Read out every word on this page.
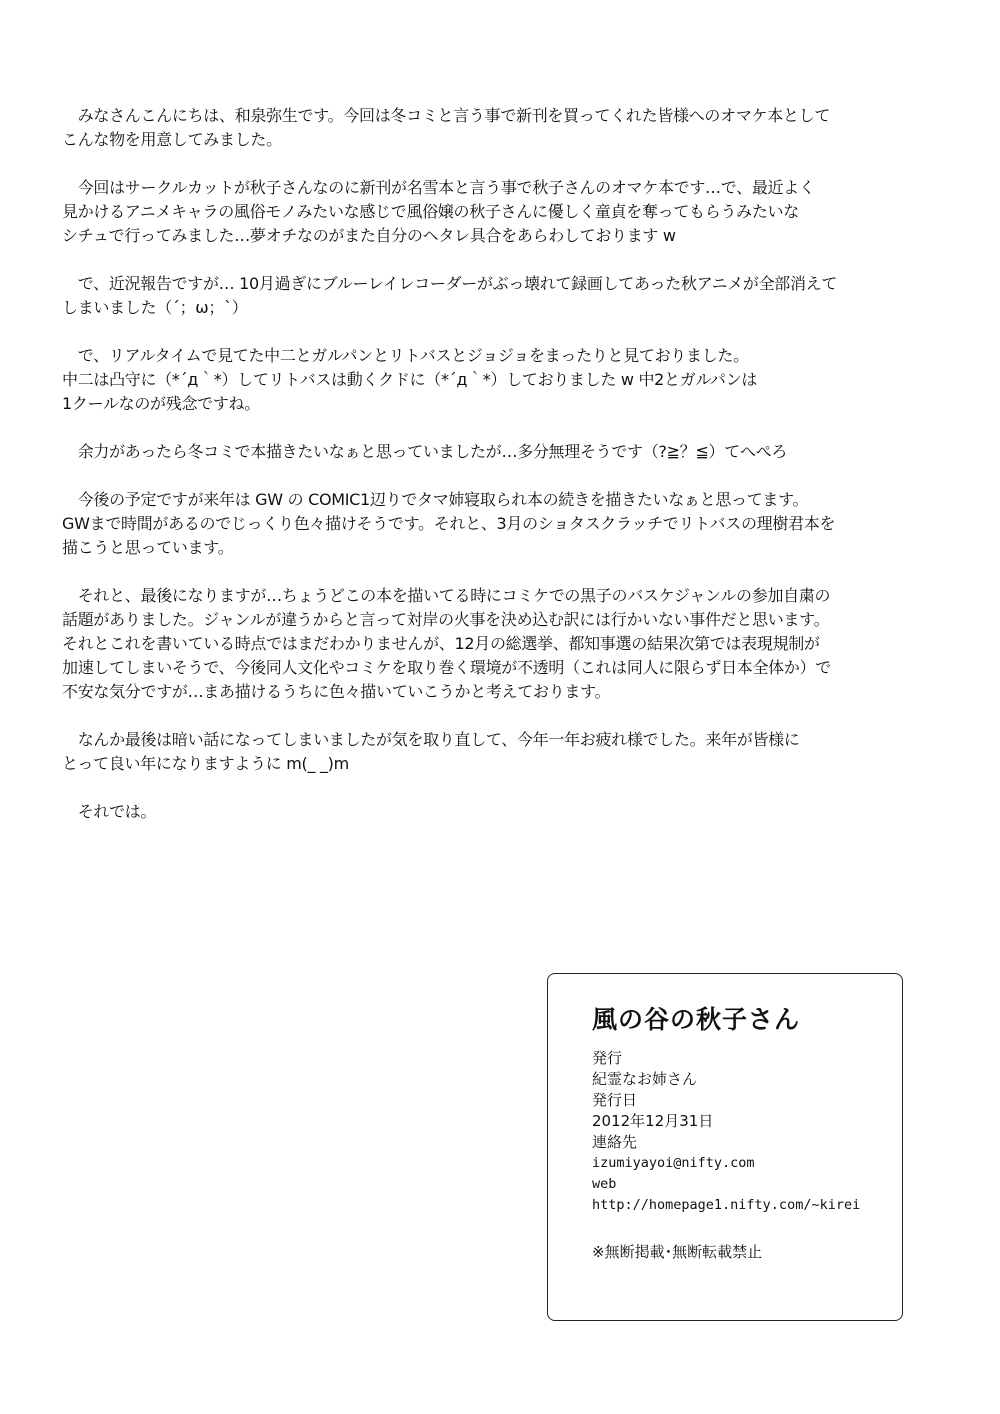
　みなさんこんにちは、和泉弥生です。今回は冬コミと言う事で新刊を買ってくれた皆様へのオマケ本として
こんな物を用意してみました。

　今回はサークルカットが秋子さんなのに新刊が名雪本と言う事で秋子さんのオマケ本です…で、最近よく
見かけるアニメキャラの風俗モノみたいな感じで風俗嬢の秋子さんに優しく童貞を奪ってもらうみたいな
シチュで行ってみました…夢オチなのがまた自分のヘタレ具合をあらわしております w

　で、近況報告ですが… 10月過ぎにブルーレイレコーダーがぶっ壊れて録画してあった秋アニメが全部消えて
しまいました（´；ω；`）

　で、リアルタイムで見てた中二とガルパンとリトバスとジョジョをまったりと見ておりました。
中二は凸守に（*´д｀*）してリトバスは動くクドに（*´д｀*）しておりました w 中2とガルパンは
1クールなのが残念ですね。

　余力があったら冬コミで本描きたいなぁと思っていましたが…多分無理そうです（?≧？≦）てへぺろ

　今後の予定ですが来年は GW の COMIC1辺りでタマ姉寝取られ本の続きを描きたいなぁと思ってます。
GWまで時間があるのでじっくり色々描けそうです。それと、3月のショタスクラッチでリトバスの理樹君本を
描こうと思っています。

　それと、最後になりますが…ちょうどこの本を描いてる時にコミケでの黒子のバスケジャンルの参加自粛の
話題がありました。ジャンルが違うからと言って対岸の火事を決め込む訳には行かいない事件だと思います。
それとこれを書いている時点ではまだわかりませんが、12月の総選挙、都知事選の結果次第では表現規制が
加速してしまいそうで、今後同人文化やコミケを取り巻く環境が不透明（これは同人に限らず日本全体か）で
不安な気分ですが…まあ描けるうちに色々描いていこうかと考えております。

　なんか最後は暗い話になってしまいましたが気を取り直して、今年一年お疲れ様でした。来年が皆様に
とって良い年になりますように m(_ _)m

　それでは。

風の谷の秋子さん
発行
紀霊なお姉さん
発行日
2012年12月31日
連絡先
izumiyayoi@nifty.com
web
http://homepage1.nifty.com/~kirei
※無断掲載･無断転載禁止
